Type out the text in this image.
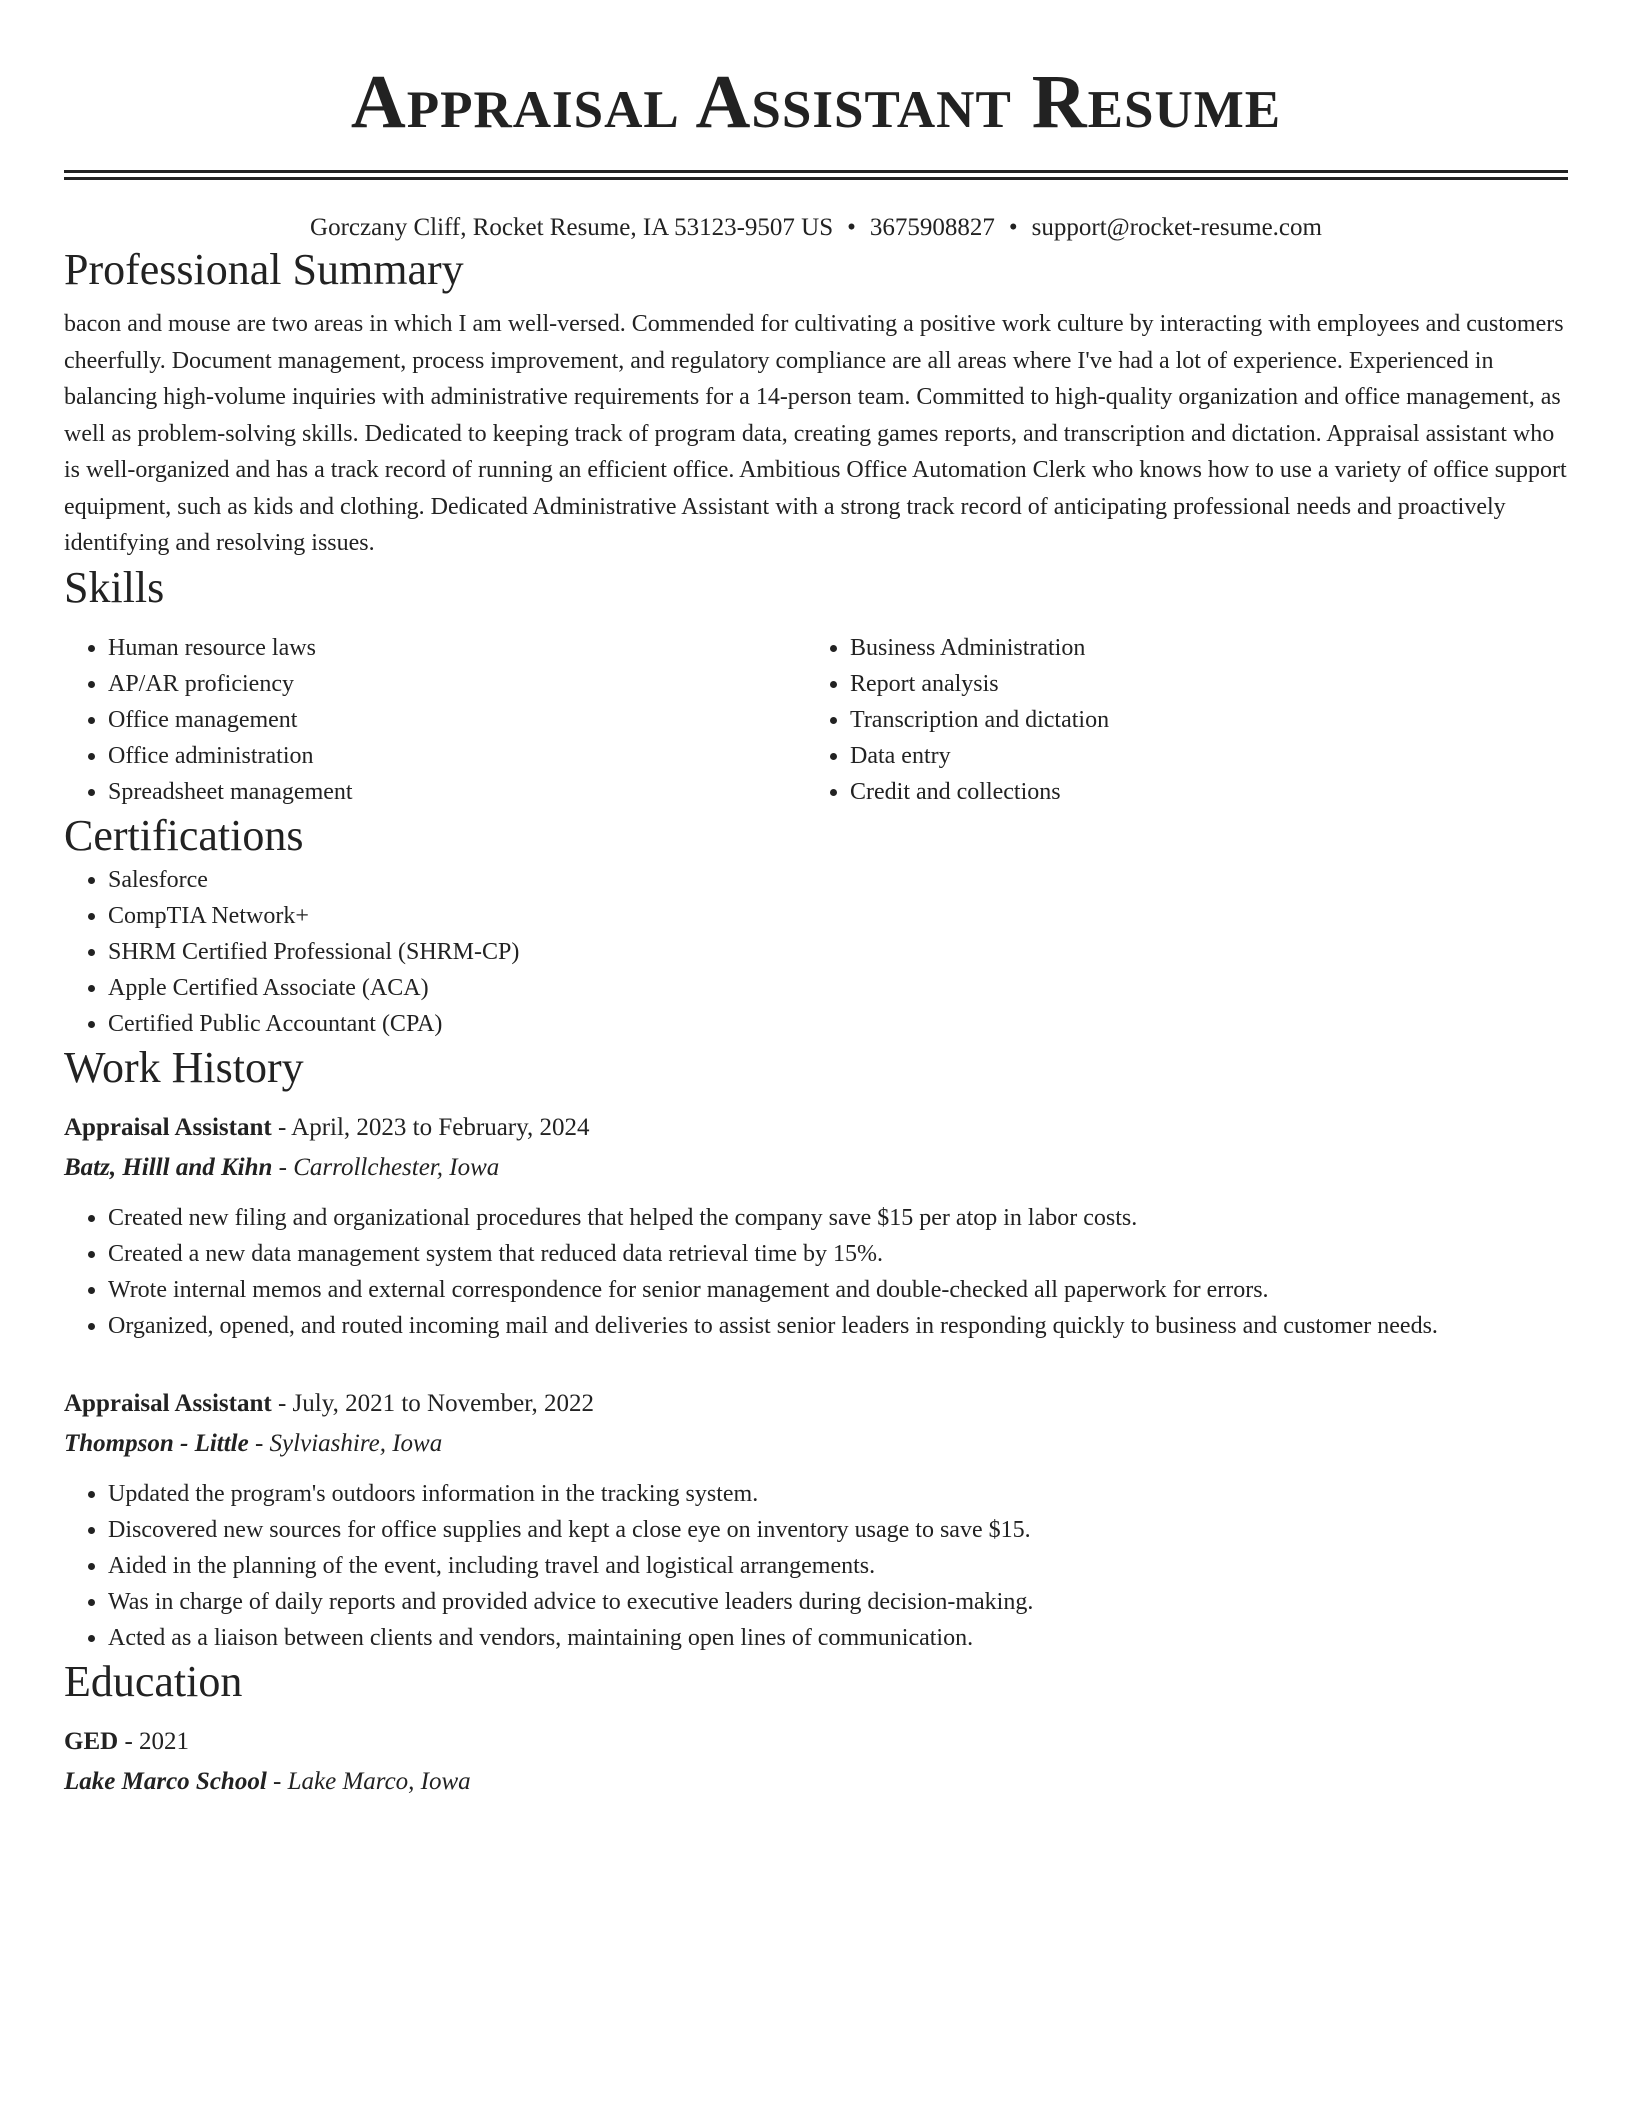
Appraisal Assistant Resume
Gorczany Cliff, Rocket Resume, IA 53123-9507 US • 3675908827 • support@rocket-resume.com
Professional Summary

bacon and mouse are two areas in which I am well-versed. Commended for cultivating a positive work culture by interacting with employees and customers cheerfully. Document management, process improvement, and regulatory compliance are all areas where I've had a lot of experience. Experienced in balancing high-volume inquiries with administrative requirements for a 14-person team. Committed to high-quality organization and office management, as well as problem-solving skills. Dedicated to keeping track of program data, creating games reports, and transcription and dictation. Appraisal assistant who is well-organized and has a track record of running an efficient office. Ambitious Office Automation Clerk who knows how to use a variety of office support equipment, such as kids and clothing. Dedicated Administrative Assistant with a strong track record of anticipating professional needs and proactively identifying and resolving issues.

Skills
• Human resource laws
• AP/AR proficiency
• Office management
• Office administration
• Spreadsheet management
• Business Administration
• Report analysis
• Transcription and dictation
• Data entry
• Credit and collections
Certifications
• Salesforce
• CompTIA Network+
• SHRM Certified Professional (SHRM-CP)
• Apple Certified Associate (ACA)
• Certified Public Accountant (CPA)
Work History
Appraisal Assistant - April, 2023 to February, 2024
Batz, Hilll and Kihn - Carrollchester, Iowa
• Created new filing and organizational procedures that helped the company save $15 per atop in labor costs.
• Created a new data management system that reduced data retrieval time by 15%.
• Wrote internal memos and external correspondence for senior management and double-checked all paperwork for errors.
• Organized, opened, and routed incoming mail and deliveries to assist senior leaders in responding quickly to business and customer needs.
Appraisal Assistant - July, 2021 to November, 2022
Thompson - Little - Sylviashire, Iowa
• Updated the program's outdoors information in the tracking system.
• Discovered new sources for office supplies and kept a close eye on inventory usage to save $15.
• Aided in the planning of the event, including travel and logistical arrangements.
• Was in charge of daily reports and provided advice to executive leaders during decision-making.
• Acted as a liaison between clients and vendors, maintaining open lines of communication.
Education
GED - 2021
Lake Marco School - Lake Marco, Iowa
